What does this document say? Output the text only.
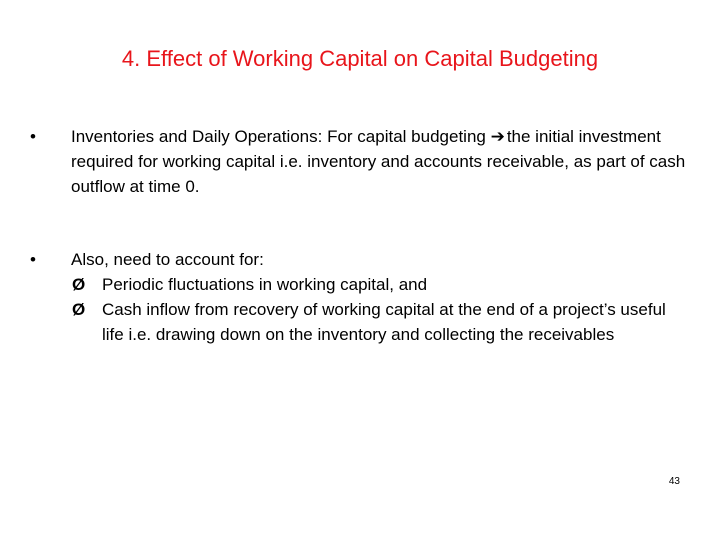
4. Effect of Working Capital on Capital Budgeting
•	Inventories and Daily Operations: For capital budgeting ➔ the initial investment required for working capital i.e. inventory and accounts receivable, as part of cash outflow at time 0.
•	Also, need to account for:
Ø Periodic fluctuations in working capital, and
Ø Cash inflow from recovery of working capital at the end of a project’s useful life i.e. drawing down on the inventory and collecting the receivables
43
